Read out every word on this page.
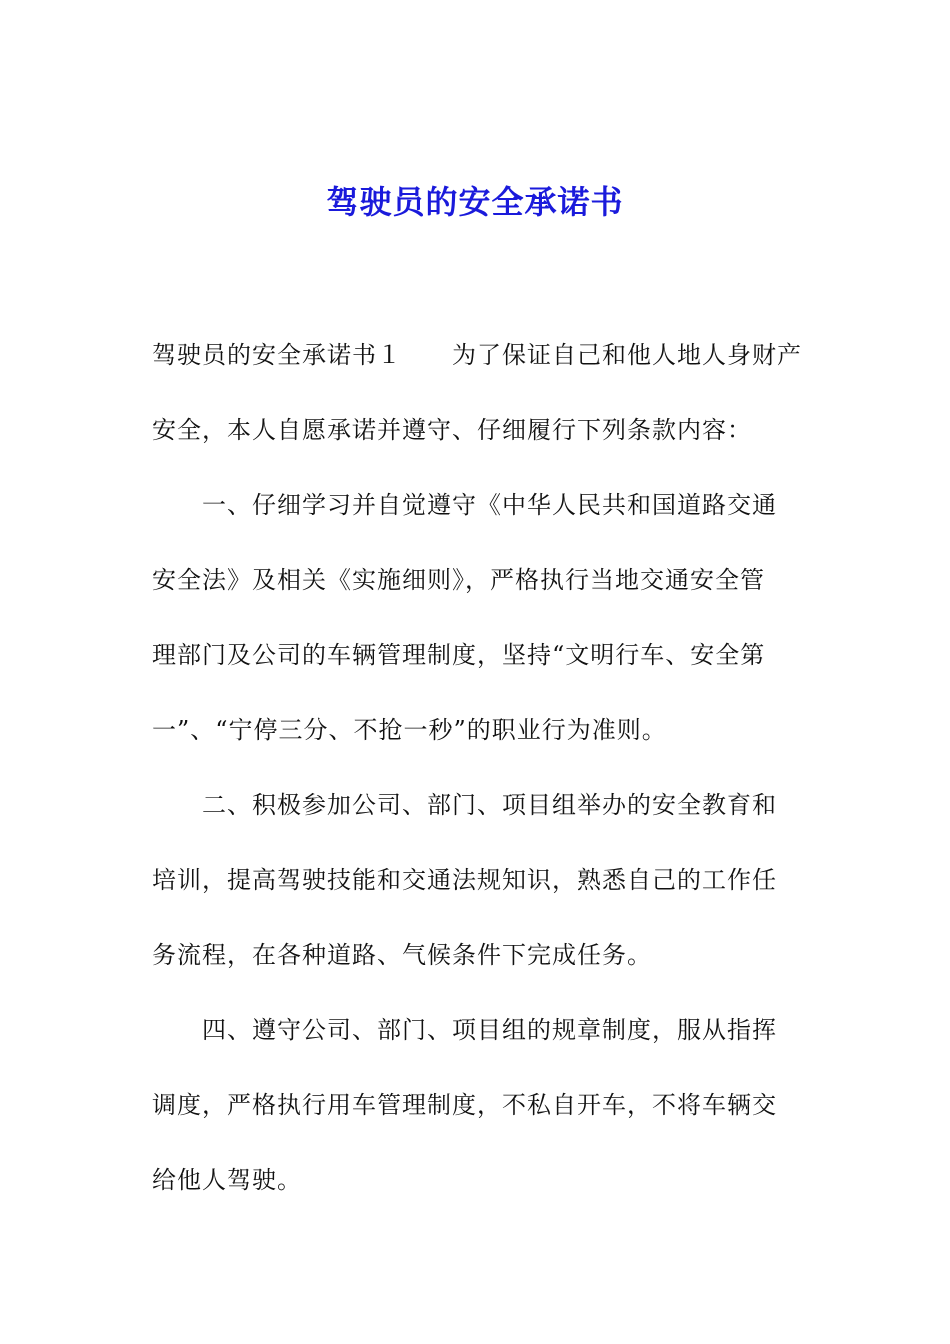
驾驶员的安全承诺书

驾驶员的安全承诺书１ 为了保证自己和他人地人身财产
安全，本人自愿承诺并遵守、仔细履行下列条款内容：

一、仔细学习并自觉遵守《中华人民共和国道路交通
安全法》及相关《实施细则》，严格执行当地交通安全管
理部门及公司的车辆管理制度，坚持“文明行车、安全第
一”、“宁停三分、不抢一秒”的职业行为准则。

二、积极参加公司、部门、项目组举办的安全教育和
培训，提高驾驶技能和交通法规知识，熟悉自己的工作任
务流程，在各种道路、气候条件下完成任务。

四、遵守公司、部门、项目组的规章制度，服从指挥
调度，严格执行用车管理制度，不私自开车，不将车辆交
给他人驾驶。
